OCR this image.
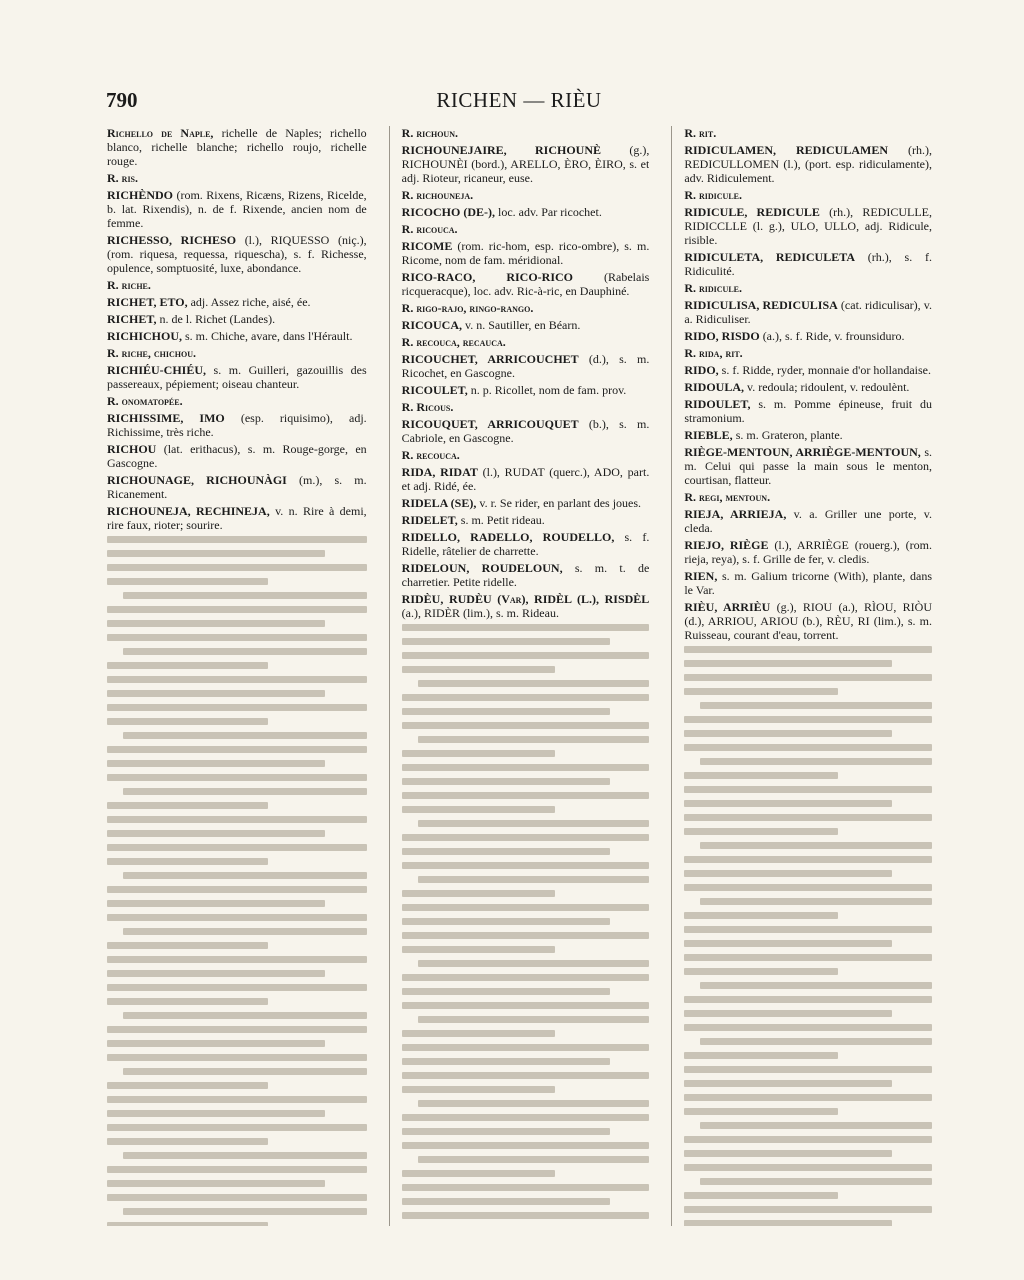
790	RICHEN — RIÈU

Richello de Naple, richelle de Naples; richello blanco, richelle blanche; richello roujo, richelle rouge.

R. ris.

RICHÈNDO (rom. Rixens, Ricæns, Rizens, Ricelde, b. lat. Rixendis), n. de f. Rixende, ancien nom de femme.

RICHESSO, RICHESO (l.), RIQUESSO (niç.), (rom. riquesa, requessa, riquescha), s. f. Richesse, opulence, somptuosité, luxe, abondance.

R. riche.

RICHET, ETO, adj. Assez riche, aisé, ée.

RICHET, n. de l. Richet (Landes).

RICHICHOU, s. m. Chiche, avare, dans l'Hérault.

R. riche, chichou.

RICHIÉU-CHIÉU, s. m. Guilleri, gazouillis des passereaux, pépiement; oiseau chanteur.

R. onomatopée.

RICHISSIME, IMO (esp. riquisimo), adj. Richissime, très riche.

RICHOU (lat. erithacus), s. m. Rouge-gorge, en Gascogne.

RICHOUNAGE, RICHOUNÀGI (m.), s. m. Ricanement.

RICHOUNEJA, RECHINEJA, v. n. Rire à demi, rire faux, rioter; sourire.

R. richoun.

RICHOUNEJAIRE, RICHOUNÈ (g.), RICHOUNÈI (bord.), ARELLO, ÈRO, ÈIRO, s. et adj. Rioteur, ricaneur, euse.

R. richouneja.

RICOCHO (DE-), loc. adv. Par ricochet.

R. ricouca.

RICOME (rom. ric-hom, esp. rico-ombre), s. m. Ricome, nom de fam. méridional.

RICO-RACO, RICO-RICO	(Rabelais ricqueracque), loc. adv. Ric-à-ric, en Dauphiné.

R. rigo-rajo, ringo-rango.

RICOUCA, v. n. Sautiller, en Béarn.

R. recouca, recauca.

RICOUCHET, ARRICOUCHET (d.), s. m. Ricochet, en Gascogne.

RICOULET, n. p. Ricollet, nom de fam. prov.

R. Ricous.

RICOUQUET, ARRICOUQUET (b.), s. m. Cabriole, en Gascogne.

R. recouca.

RIDA, RIDAT (l.), RUDAT (querc.), ADO, part. et adj. Ridé, ée.

RIDELA (SE), v. r. Se rider, en parlant des joues.

RIDELET, s. m. Petit rideau.

RIDELLO, RADELLO, ROUDELLO, s. f. Ridelle, râtelier de charrette.

RIDELOUN, ROUDELOUN, s. m. t. de charretier. Petite ridelle.

RIDÈU, RUDÈU (Var), RIDÈL (L.), RISDÈL (a.), RIDÈR (lim.), s. m. Rideau.

R. rit.

RIDICULAMEN, REDICULAMEN (rh.), REDICULLOMEN (l.), (port. esp. ridiculamente), adv. Ridiculement.

R. ridicule.

RIDICULE, REDICULE (rh.), REDICULLE, RIDICCLLE (l. g.), ULO, ULLO, adj. Ridicule, risible.

RIDICULETA, REDICULETA (rh.), s. f. Ridiculité.

R. ridicule.

RIDICULISA, REDICULISA (cat. ridiculisar), v. a. Ridiculiser.

RIDO, RISDO (a.), s. f. Ride, v. frounsiduro.

R. rida, rit.

RIDO, s. f. Ridde, ryder, monnaie d'or hollandaise.

RIDOULA, v. redoula; ridoulent, v. redoulènt.

RIDOULET, s. m. Pomme épineuse, fruit du stramonium.

RIEBLE, s. m. Grateron, plante.

RIÈGE-MENTOUN, ARRIÈGE-MENTOUN, s. m. Celui qui passe la main sous le menton, courtisan, flatteur.

R. regi, mentoun.

RIEJA, ARRIEJA, v. a. Griller une porte, v. cleda.

RIEJO, RIÈGE (l.), ARRIÈGE (rouerg.), (rom. rieja, reya), s. f. Grille de fer, v. cledis.

RIEN, s. m. Galium tricorne (With), plante, dans le Var.

RIÈU, ARRIÈU (g.), RIOU (a.), RÌOU, RIÒU (d.), ARRIOU, ARIOU (b.), RÈU, RI (lim.), s. m. Ruisseau, courant d'eau, torrent.
